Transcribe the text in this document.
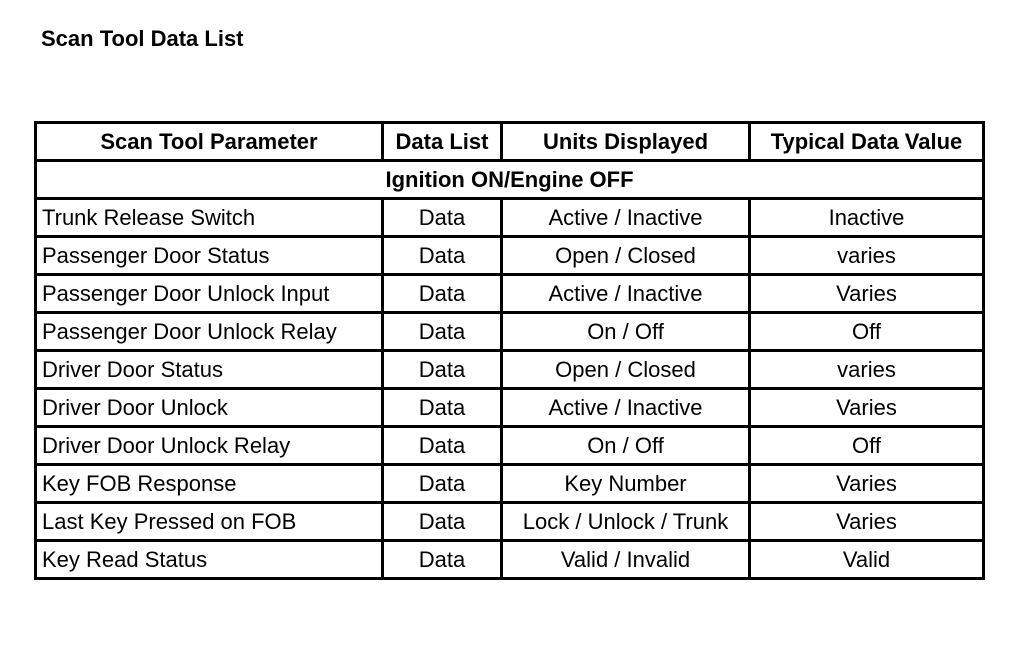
Scan Tool Data List
Scan Tool Parameter	Data List	Units Displayed	Typical Data Value
Ignition ON/Engine OFF			
Trunk Release Switch	Data	Active / Inactive	Inactive
Passenger Door Status	Data	Open / Closed	varies
Passenger Door Unlock Input	Data	Active / Inactive	Varies
Passenger Door Unlock Relay	Data	On / Off	Off
Driver Door Status	Data	Open / Closed	varies
Driver Door Unlock	Data	Active / Inactive	Varies
Driver Door Unlock Relay	Data	On / Off	Off
Key FOB Response	Data	Key Number	Varies
Last Key Pressed on FOB	Data	Lock / Unlock / Trunk	Varies
Key Read Status	Data	Valid / Invalid	Valid
